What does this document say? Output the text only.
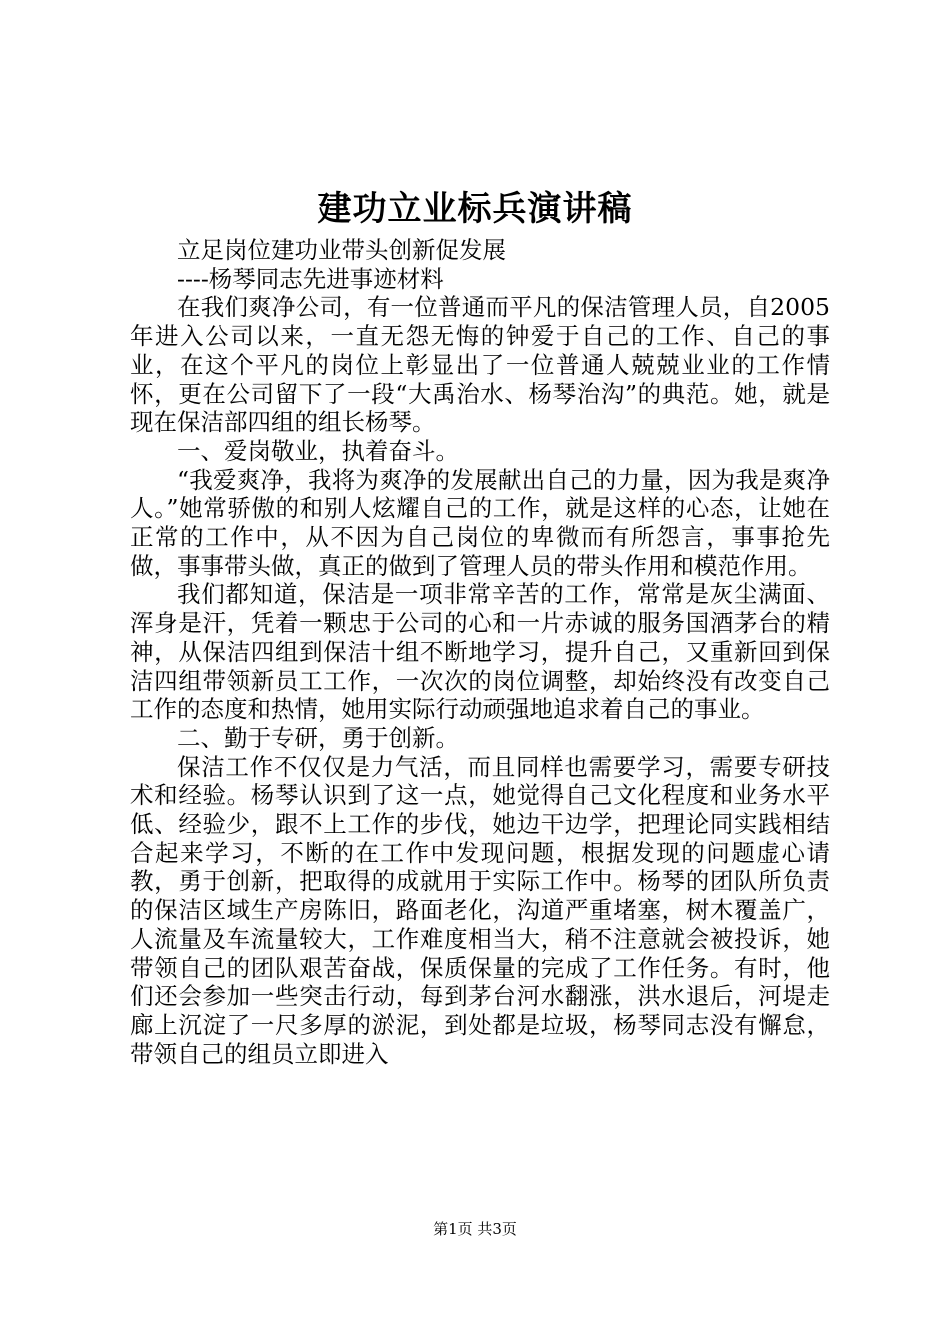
建功立业标兵演讲稿

立足岗位建功业带头创新促发展

----杨琴同志先进事迹材料

在我们爽净公司，有一位普通而平凡的保洁管理人员，自2005年进入公司以来，一直无怨无悔的钟爱于自己的工作、自己的事业，在这个平凡的岗位上彰显出了一位普通人兢兢业业的工作情怀，更在公司留下了一段“大禹治水、杨琴治沟”的典范。她，就是现在保洁部四组的组长杨琴。

一、爱岗敬业，执着奋斗。

“我爱爽净，我将为爽净的发展献出自己的力量，因为我是爽净人。”她常骄傲的和别人炫耀自己的工作，就是这样的心态，让她在正常的工作中，从不因为自己岗位的卑微而有所怨言，事事抢先做，事事带头做，真正的做到了管理人员的带头作用和模范作用。

我们都知道，保洁是一项非常辛苦的工作，常常是灰尘满面、浑身是汗，凭着一颗忠于公司的心和一片赤诚的服务国酒茅台的精神，从保洁四组到保洁十组不断地学习，提升自己，又重新回到保洁四组带领新员工工作，一次次的岗位调整，却始终没有改变自己工作的态度和热情，她用实际行动顽强地追求着自己的事业。

二、勤于专研，勇于创新。

保洁工作不仅仅是力气活，而且同样也需要学习，需要专研技术和经验。杨琴认识到了这一点，她觉得自己文化程度和业务水平低、经验少，跟不上工作的步伐，她边干边学，把理论同实践相结合起来学习，不断的在工作中发现问题，根据发现的问题虚心请教，勇于创新，把取得的成就用于实际工作中。杨琴的团队所负责的保洁区域生产房陈旧，路面老化，沟道严重堵塞，树木覆盖广，人流量及车流量较大，工作难度相当大，稍不注意就会被投诉，她带领自己的团队艰苦奋战，保质保量的完成了工作任务。有时，他们还会参加一些突击行动，每到茅台河水翻涨，洪水退后，河堤走廊上沉淀了一尺多厚的淤泥，到处都是垃圾，杨琴同志没有懈怠，带领自己的组员立即进入

第1页 共3页
